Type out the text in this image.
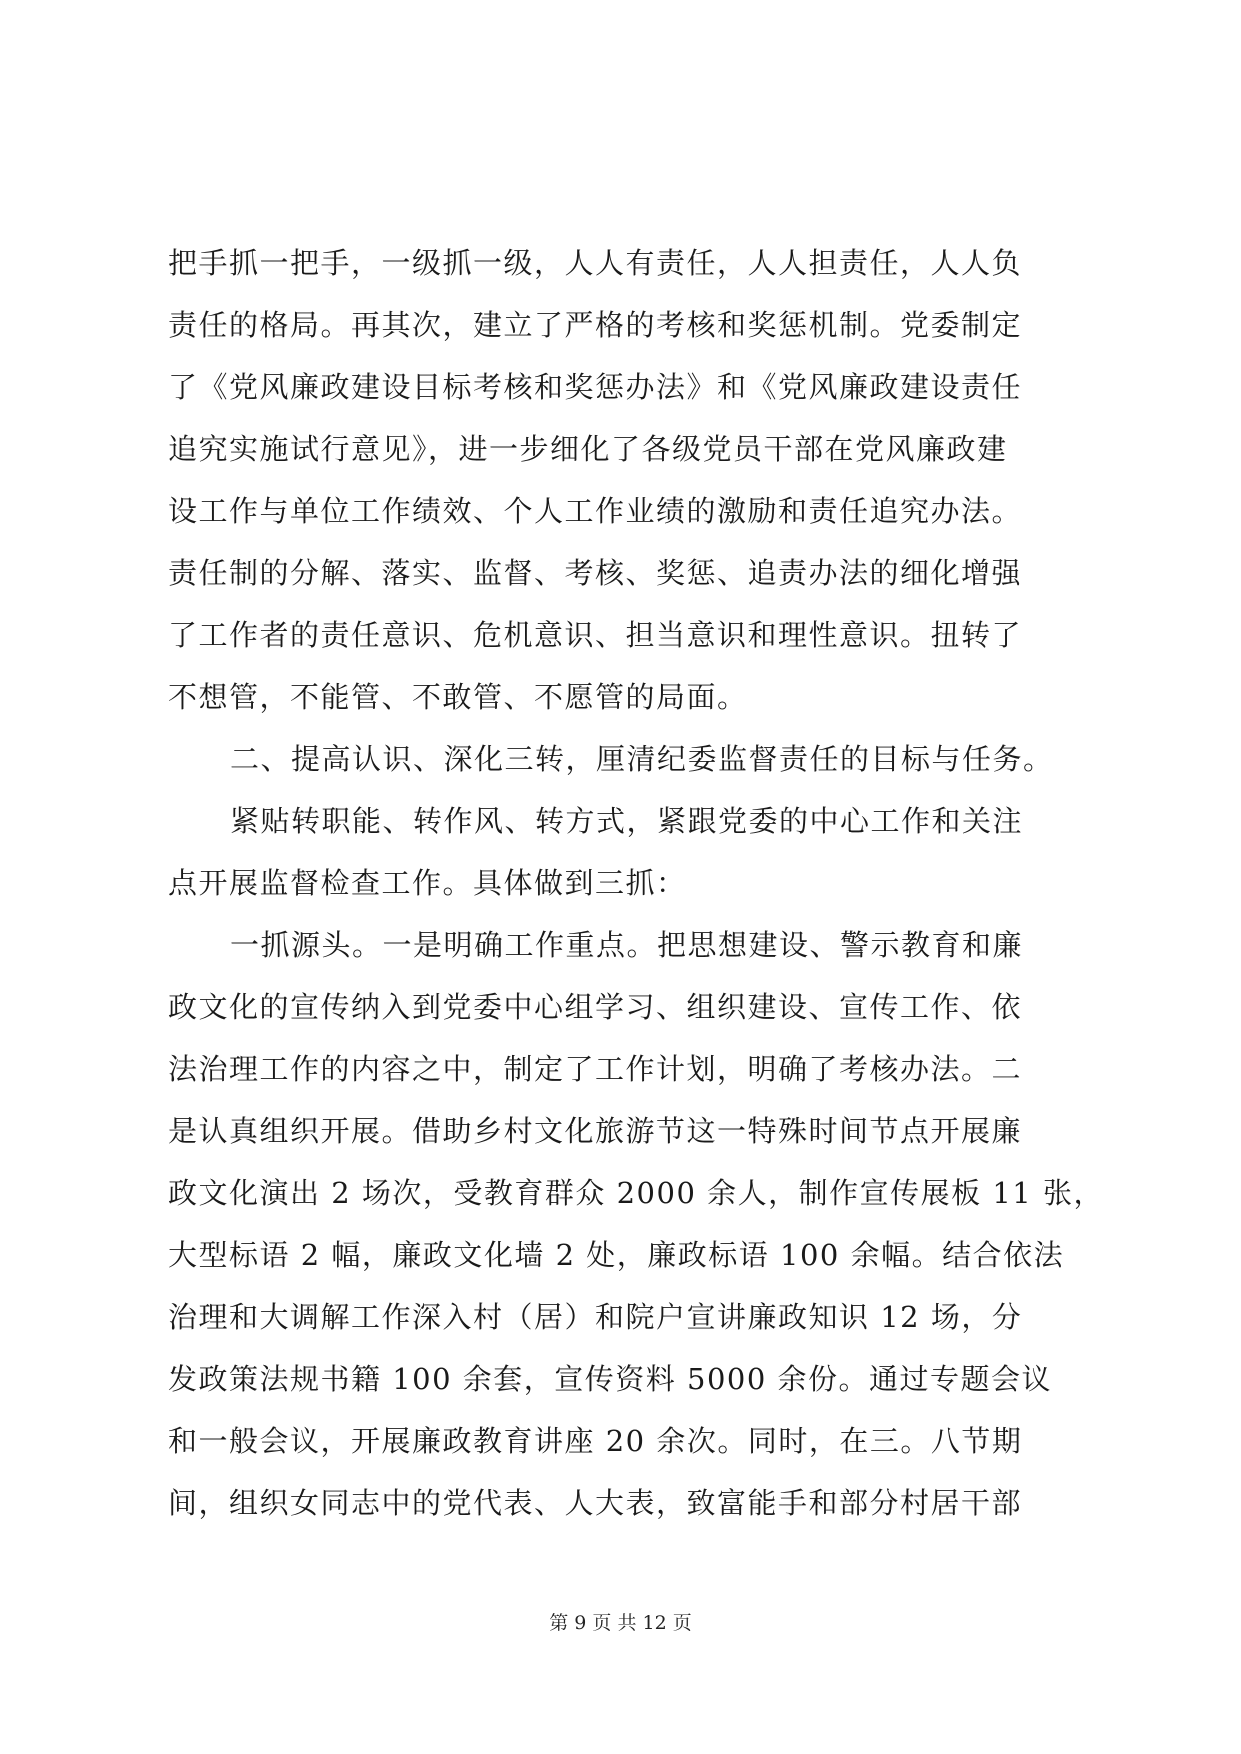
把手抓一把手，一级抓一级，人人有责任，人人担责任，人人负
责任的格局。再其次，建立了严格的考核和奖惩机制。党委制定
了《党风廉政建设目标考核和奖惩办法》和《党风廉政建设责任
追究实施试行意见》，进一步细化了各级党员干部在党风廉政建
设工作与单位工作绩效、个人工作业绩的激励和责任追究办法。
责任制的分解、落实、监督、考核、奖惩、追责办法的细化增强
了工作者的责任意识、危机意识、担当意识和理性意识。扭转了
不想管，不能管、不敢管、不愿管的局面。
二、提高认识、深化三转，厘清纪委监督责任的目标与任务。
紧贴转职能、转作风、转方式，紧跟党委的中心工作和关注
点开展监督检查工作。具体做到三抓：
一抓源头。一是明确工作重点。把思想建设、警示教育和廉
政文化的宣传纳入到党委中心组学习、组织建设、宣传工作、依
法治理工作的内容之中，制定了工作计划，明确了考核办法。二
是认真组织开展。借助乡村文化旅游节这一特殊时间节点开展廉
政文化演出 2 场次，受教育群众 2000 余人，制作宣传展板 11 张，
大型标语 2 幅，廉政文化墙 2 处，廉政标语 100 余幅。结合依法
治理和大调解工作深入村（居）和院户宣讲廉政知识 12 场，分
发政策法规书籍 100 余套，宣传资料 5000 余份。通过专题会议
和一般会议，开展廉政教育讲座 20 余次。同时，在三。八节期
间，组织女同志中的党代表、人大表，致富能手和部分村居干部
第 9 页 共 12 页
